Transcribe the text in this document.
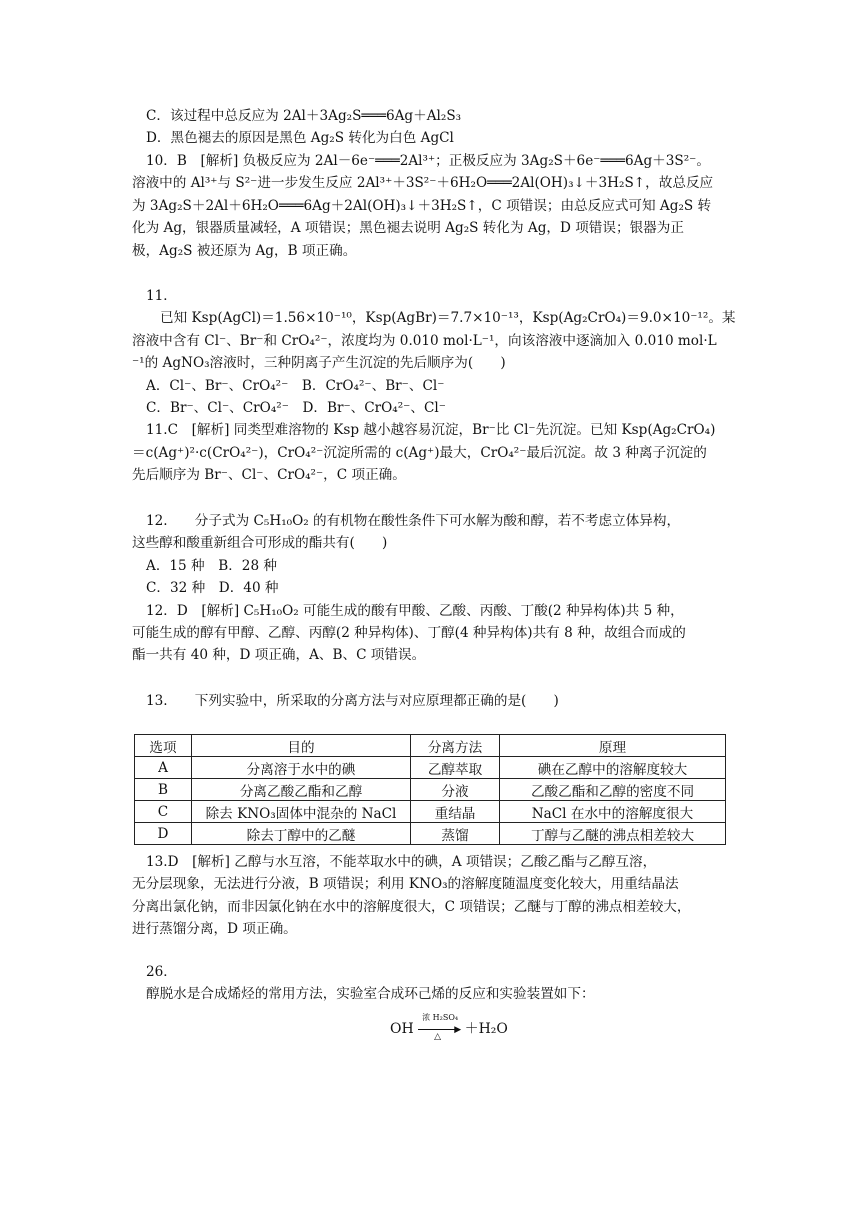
C．该过程中总反应为 2Al＋3Ag₂S═══6Ag＋Al₂S₃
D．黑色褪去的原因是黑色 Ag₂S 转化为白色 AgCl
10．B　[解析] 负极反应为 2Al－6e⁻═══2Al³⁺；正极反应为 3Ag₂S＋6e⁻═══6Ag＋3S²⁻。
溶液中的 Al³⁺与 S²⁻进一步发生反应 2Al³⁺＋3S²⁻＋6H₂O═══2Al(OH)₃↓＋3H₂S↑，故总反应
为 3Ag₂S＋2Al＋6H₂O═══6Ag＋2Al(OH)₃↓＋3H₂S↑，C 项错误；由总反应式可知 Ag₂S 转
化为 Ag，银器质量减轻，A 项错误；黑色褪去说明 Ag₂S 转化为 Ag，D 项错误；银器为正
极，Ag₂S 被还原为 Ag，B 项正确。
11．
已知 Ksp(AgCl)＝1.56×10⁻¹⁰，Ksp(AgBr)＝7.7×10⁻¹³，Ksp(Ag₂CrO₄)＝9.0×10⁻¹²。某
溶液中含有 Cl⁻、Br⁻和 CrO₄²⁻，浓度均为 0.010 mol·L⁻¹，向该溶液中逐滴加入 0.010 mol·L
⁻¹的 AgNO₃溶液时，三种阴离子产生沉淀的先后顺序为(　　)
A．Cl⁻、Br⁻、CrO₄²⁻　B．CrO₄²⁻、Br⁻、Cl⁻
C．Br⁻、Cl⁻、CrO₄²⁻　D．Br⁻、CrO₄²⁻、Cl⁻
11.C　[解析] 同类型难溶物的 Ksp 越小越容易沉淀，Br⁻比 Cl⁻先沉淀。已知 Ksp(Ag₂CrO₄)
＝c(Ag⁺)²·c(CrO₄²⁻)，CrO₄²⁻沉淀所需的 c(Ag⁺)最大，CrO₄²⁻最后沉淀。故 3 种离子沉淀的
先后顺序为 Br⁻、Cl⁻、CrO₄²⁻，C 项正确。
12.　　分子式为 C₅H₁₀O₂ 的有机物在酸性条件下可水解为酸和醇，若不考虑立体异构，
这些醇和酸重新组合可形成的酯共有(　　)
A．15 种　B．28 种
C．32 种　D．40 种
12．D　[解析] C₅H₁₀O₂ 可能生成的酸有甲酸、乙酸、丙酸、丁酸(2 种异构体)共 5 种，
可能生成的醇有甲醇、乙醇、丙醇(2 种异构体)、丁醇(4 种异构体)共有 8 种，故组合而成的
酯一共有 40 种，D 项正确，A、B、C 项错误。
13.　　下列实验中，所采取的分离方法与对应原理都正确的是(　　)
选项	目的	分离方法	原理
A	分离溶于水中的碘	乙醇萃取	碘在乙醇中的溶解度较大
B	分离乙酸乙酯和乙醇	分液	乙酸乙酯和乙醇的密度不同
C	除去 KNO₃固体中混杂的 NaCl	重结晶	NaCl 在水中的溶解度很大
D	除去丁醇中的乙醚	蒸馏	丁醇与乙醚的沸点相差较大
13.D　[解析] 乙醇与水互溶，不能萃取水中的碘，A 项错误；乙酸乙酯与乙醇互溶，
无分层现象，无法进行分液，B 项错误；利用 KNO₃的溶解度随温度变化较大，用重结晶法
分离出氯化钠，而非因氯化钠在水中的溶解度很大，C 项错误；乙醚与丁醇的沸点相差较大，
进行蒸馏分离，D 项正确。
26．
醇脱水是合成烯烃的常用方法，实验室合成环己烯的反应和实验装置如下：
OH
浓 H₂SO₄
▶
△ ＋H₂O
